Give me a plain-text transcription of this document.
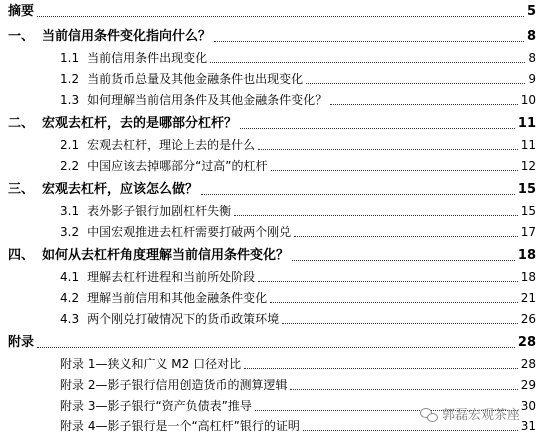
摘要	5
一、 当前信用条件变化指向什么？	8
1.1 当前信用条件出现变化	8
1.2 当前货币总量及其他金融条件也出现变化	9
1.3 如何理解当前信用条件及其他金融条件变化？	10
二、 宏观去杠杆，去的是哪部分杠杆？	11
2.1 宏观去杠杆，理论上去的是什么	11
2.2 中国应该去掉哪部分“过高”的杠杆	12
三、 宏观去杠杆，应该怎么做？	15
3.1 表外影子银行加剧杠杆失衡	15
3.2 中国宏观推进去杠杆需要打破两个刚兑	17
四、 如何从去杠杆角度理解当前信用条件变化？	18
4.1 理解去杠杆进程和当前所处阶段	18
4.2 理解当前信用和其他金融条件变化	21
4.3 两个刚兑打破情况下的货币政策环境	26
附录	28
附录 1—狭义和广义 M2 口径对比	28
附录 2—影子银行信用创造货币的测算逻辑	29
附录 3—影子银行“资产负债表”推导	30
附录 4—影子银行是一个“高杠杆”银行的证明	31
郭磊宏观茶座
